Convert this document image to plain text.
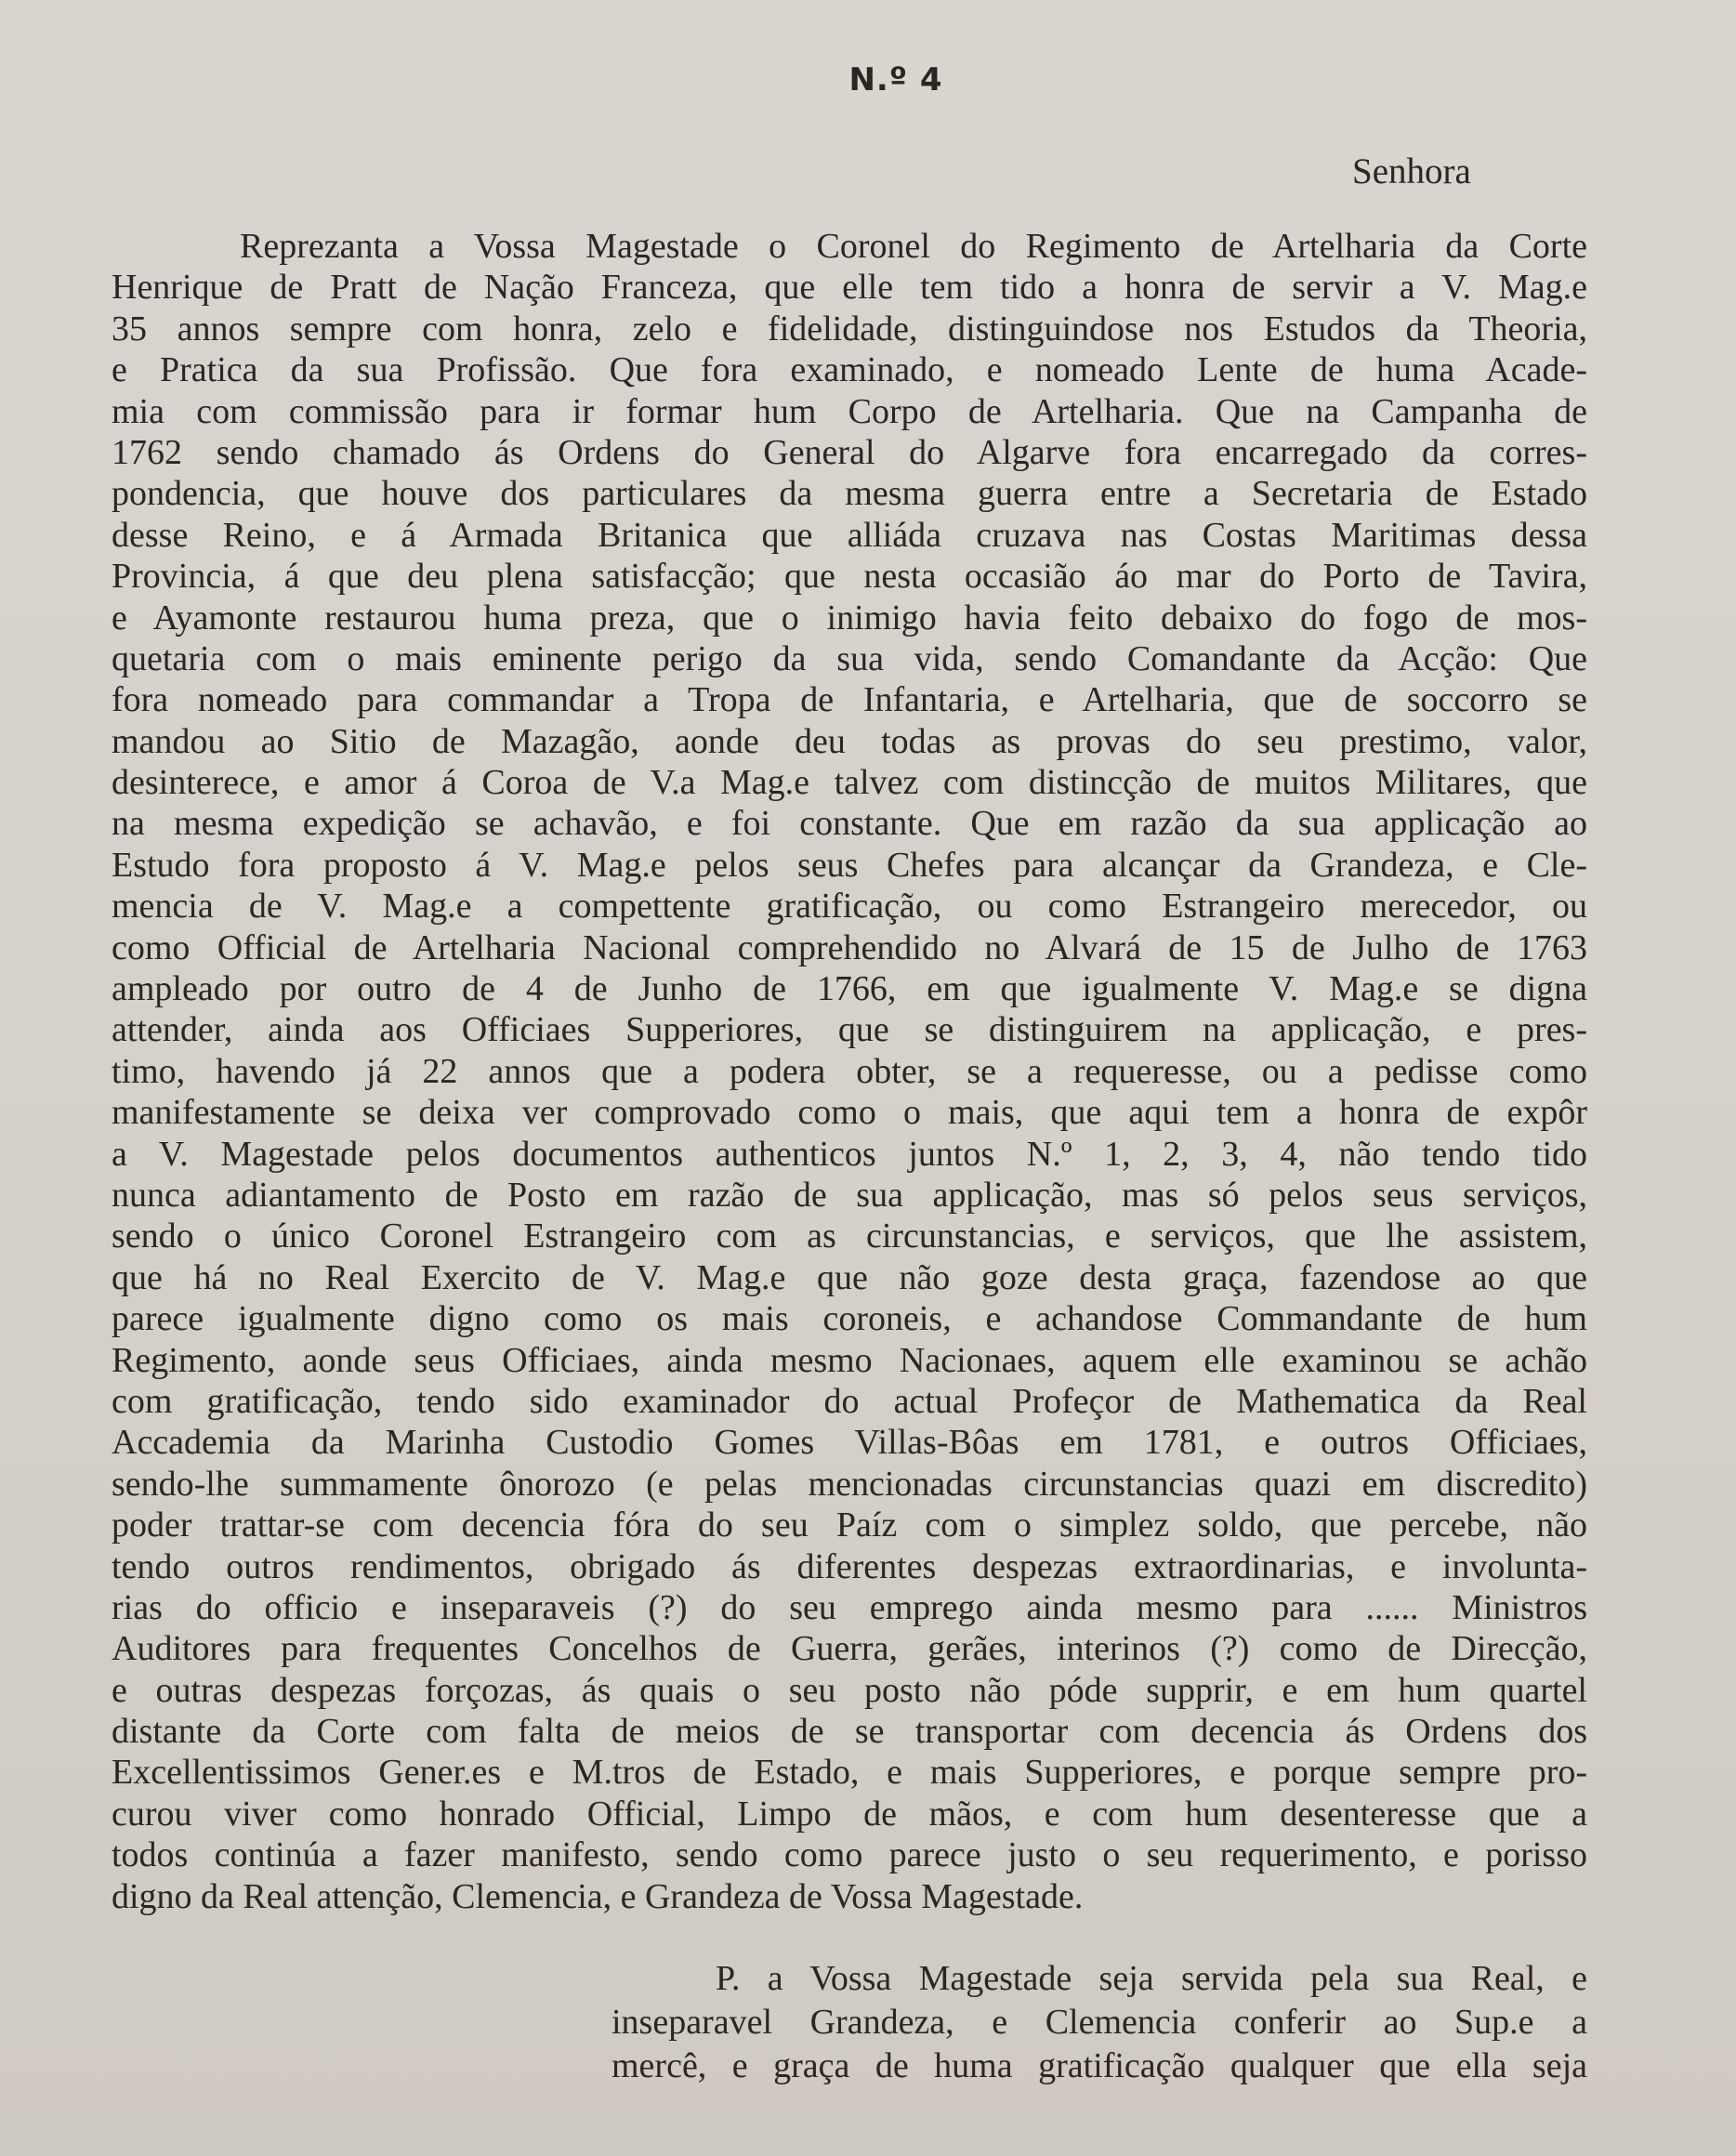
N.º 4
Senhora
Reprezanta a Vossa Magestade o Coronel do Regimento de Artelharia da Corte
Henrique de Pratt de Nação Franceza, que elle tem tido a honra de servir a V. Mag.e
35 annos sempre com honra, zelo e fidelidade, distinguindose nos Estudos da Theoria,
e Pratica da sua Profissão. Que fora examinado, e nomeado Lente de huma Acade-
mia com commissão para ir formar hum Corpo de Artelharia. Que na Campanha de
1762 sendo chamado ás Ordens do General do Algarve fora encarregado da corres-
pondencia, que houve dos particulares da mesma guerra entre a Secretaria de Estado
desse Reino, e á Armada Britanica que alliáda cruzava nas Costas Maritimas dessa
Provincia, á que deu plena satisfacção; que nesta occasião áo mar do Porto de Tavira,
e Ayamonte restaurou huma preza, que o inimigo havia feito debaixo do fogo de mos-
quetaria com o mais eminente perigo da sua vida, sendo Comandante da Acção: Que
fora nomeado para commandar a Tropa de Infantaria, e Artelharia, que de soccorro se
mandou ao Sitio de Mazagão, aonde deu todas as provas do seu prestimo, valor,
desinterece, e amor á Coroa de V.a Mag.e talvez com distincção de muitos Militares, que
na mesma expedição se achavão, e foi constante. Que em razão da sua applicação ao
Estudo fora proposto á V. Mag.e pelos seus Chefes para alcançar da Grandeza, e Cle-
mencia de V. Mag.e a compettente gratificação, ou como Estrangeiro merecedor, ou
como Official de Artelharia Nacional comprehendido no Alvará de 15 de Julho de 1763
ampleado por outro de 4 de Junho de 1766, em que igualmente V. Mag.e se digna
attender, ainda aos Officiaes Supperiores, que se distinguirem na applicação, e pres-
timo, havendo já 22 annos que a podera obter, se a requeresse, ou a pedisse como
manifestamente se deixa ver comprovado como o mais, que aqui tem a honra de expôr
a V. Magestade pelos documentos authenticos juntos N.º 1, 2, 3, 4, não tendo tido
nunca adiantamento de Posto em razão de sua applicação, mas só pelos seus serviços,
sendo o único Coronel Estrangeiro com as circunstancias, e serviços, que lhe assistem,
que há no Real Exercito de V. Mag.e que não goze desta graça, fazendose ao que
parece igualmente digno como os mais coroneis, e achandose Commandante de hum
Regimento, aonde seus Officiaes, ainda mesmo Nacionaes, aquem elle examinou se achão
com gratificação, tendo sido examinador do actual Profeçor de Mathematica da Real
Accademia da Marinha Custodio Gomes Villas-Bôas em 1781, e outros Officiaes,
sendo-lhe summamente ônorozo (e pelas mencionadas circunstancias quazi em discredito)
poder trattar-se com decencia fóra do seu Paíz com o simplez soldo, que percebe, não
tendo outros rendimentos, obrigado ás diferentes despezas extraordinarias, e involunta-
rias do officio e inseparaveis (?) do seu emprego ainda mesmo para ...... Ministros
Auditores para frequentes Concelhos de Guerra, gerães, interinos (?) como de Direcção,
e outras despezas forçozas, ás quais o seu posto não póde supprir, e em hum quartel
distante da Corte com falta de meios de se transportar com decencia ás Ordens dos
Excellentissimos Gener.es e M.tros de Estado, e mais Supperiores, e porque sempre pro-
curou viver como honrado Official, Limpo de mãos, e com hum desenteresse que a
todos continúa a fazer manifesto, sendo como parece justo o seu requerimento, e porisso
digno da Real attenção, Clemencia, e Grandeza de Vossa Magestade.
P. a Vossa Magestade seja servida pela sua Real, e
inseparavel Grandeza, e Clemencia conferir ao Sup.e a
mercê, e graça de huma gratificação qualquer que ella seja
